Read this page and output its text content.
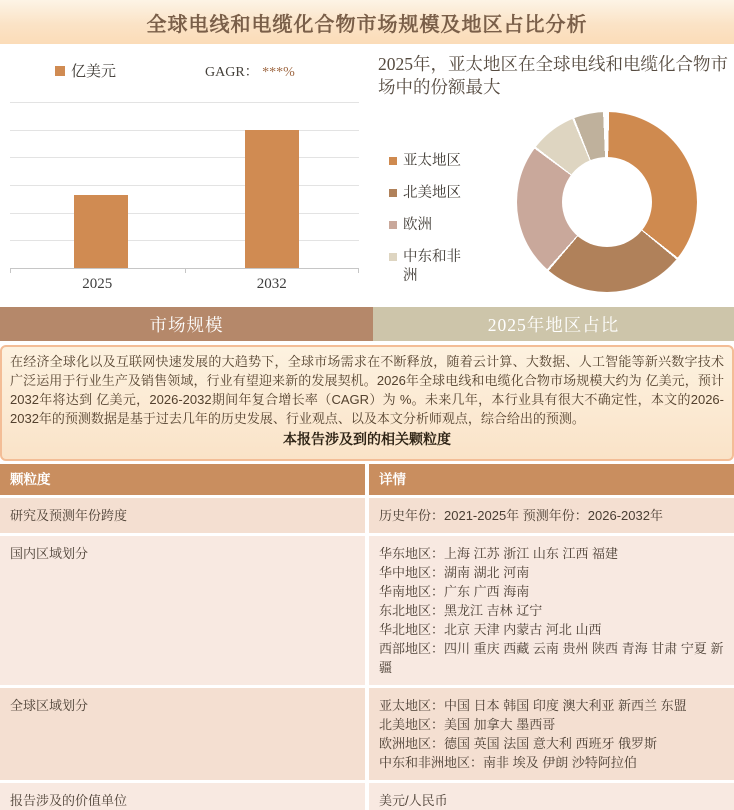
全球电线和电缆化合物市场规模及地区占比分析
亿美元	GAGR： ***%
2025	2032
2025年，亚太地区在全球电线和电缆化合物市场中的份额最大
亚太地区
北美地区
欧洲
中东和非洲
市场规模	2025年地区占比

在经济全球化以及互联网快速发展的大趋势下，全球市场需求在不断释放，随着云计算、大数据、人工智能等新兴数字技术广泛运用于行业生产及销售领域，行业有望迎来新的发展契机。2026年全球电线和电缆化合物市场规模大约为 亿美元，预计2032年将达到 亿美元，2026-2032期间年复合增长率（CAGR）为 %。未来几年，本行业具有很大不确定性，本文的2026-2032年的预测数据是基于过去几年的历史发展、行业观点、以及本文分析师观点，综合给出的预测。

本报告涉及到的相关颗粒度
颗粒度	详情
研究及预测年份跨度	历史年份：2021-2025年 预测年份：2026-2032年
国内区域划分	华东地区：上海 江苏 浙江 山东 江西 福建
华中地区：湖南 湖北 河南
华南地区：广东 广西 海南
东北地区：黑龙江 吉林 辽宁
华北地区：北京 天津 内蒙古 河北 山西
西部地区：四川 重庆 西藏 云南 贵州 陕西 青海 甘肃 宁夏 新疆
全球区域划分	亚太地区：中国 日本 韩国 印度 澳大利亚 新西兰 东盟
北美地区：美国 加拿大 墨西哥
欧洲地区：德国 英国 法国 意大利 西班牙 俄罗斯
中东和非洲地区：南非 埃及 伊朗 沙特阿拉伯
报告涉及的价值单位	美元/人民币
